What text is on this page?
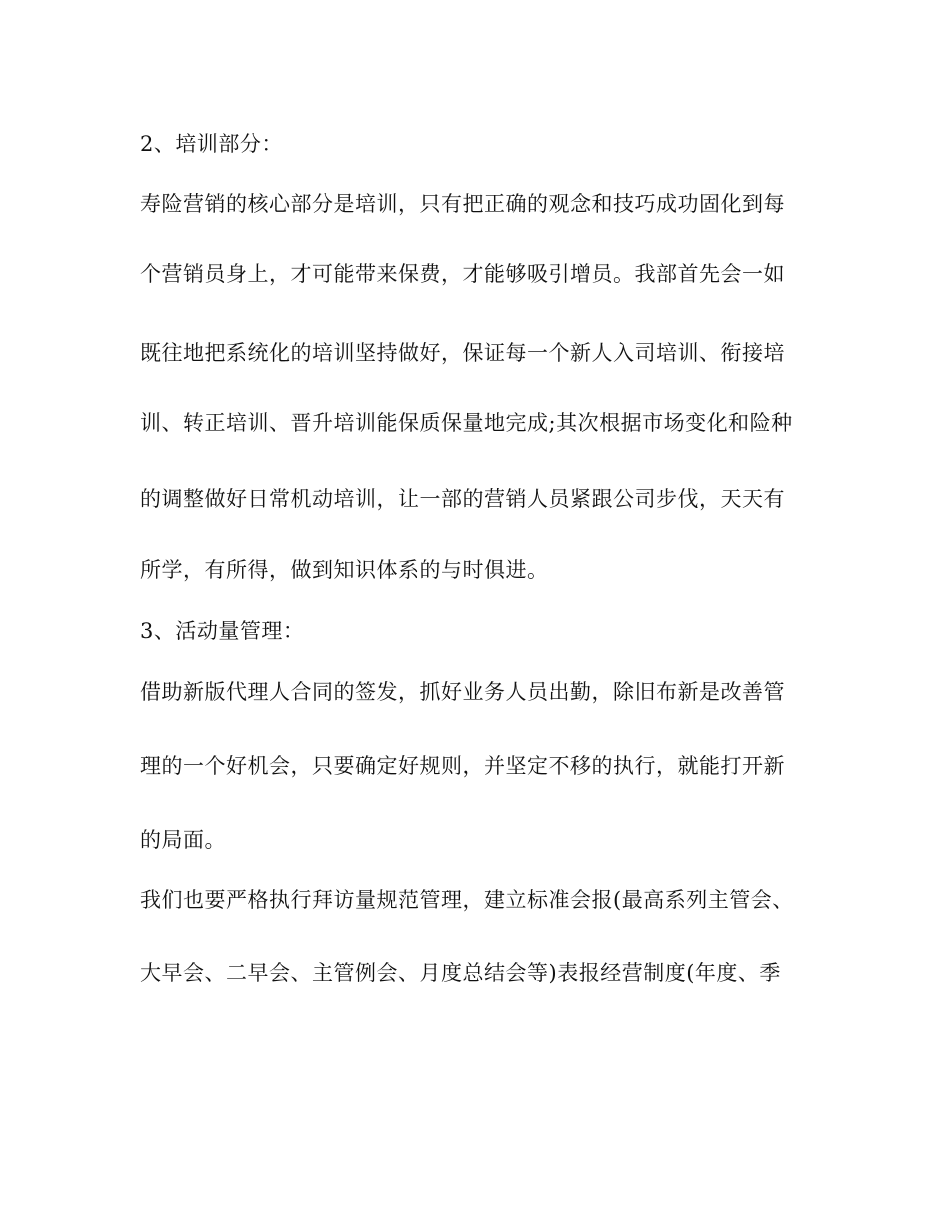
2、培训部分：
寿险营销的核心部分是培训，只有把正确的观念和技巧成功固化到每
个营销员身上，才可能带来保费，才能够吸引增员。我部首先会一如
既往地把系统化的培训坚持做好，保证每一个新人入司培训、衔接培
训、转正培训、晋升培训能保质保量地完成;其次根据市场变化和险种
的调整做好日常机动培训，让一部的营销人员紧跟公司步伐，天天有
所学，有所得，做到知识体系的与时俱进。
3、活动量管理：
借助新版代理人合同的签发，抓好业务人员出勤，除旧布新是改善管
理的一个好机会，只要确定好规则，并坚定不移的执行，就能打开新
的局面。
我们也要严格执行拜访量规范管理，建立标准会报(最高系列主管会、
大早会、二早会、主管例会、月度总结会等)表报经营制度(年度、季
